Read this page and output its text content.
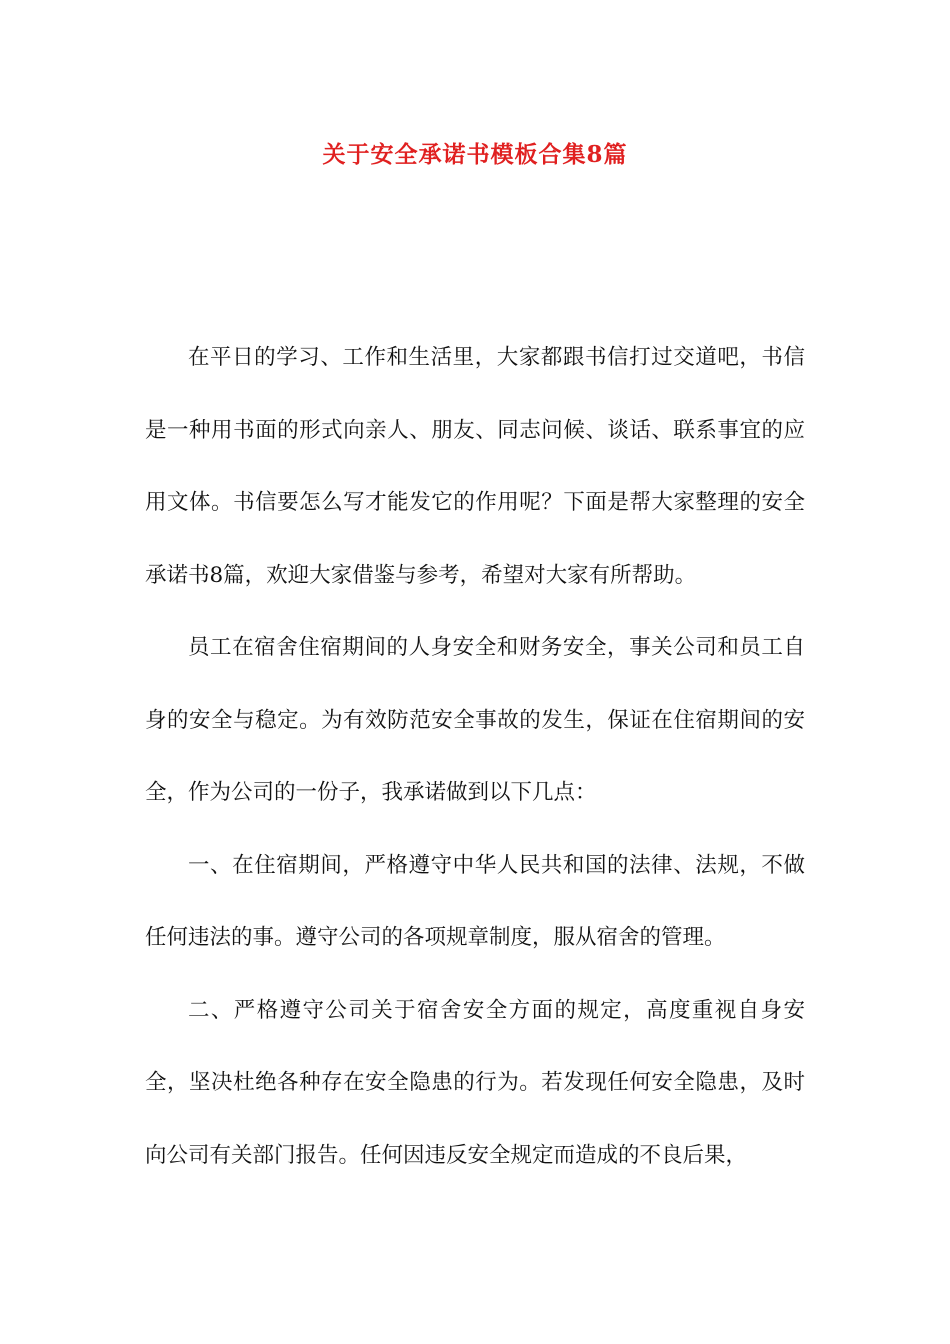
关于安全承诺书模板合集8篇

在平日的学习、工作和生活里，大家都跟书信打过交道吧，书信是一种用书面的形式向亲人、朋友、同志问候、谈话、联系事宜的应用文体。书信要怎么写才能发它的作用呢？下面是帮大家整理的安全承诺书8篇，欢迎大家借鉴与参考，希望对大家有所帮助。

员工在宿舍住宿期间的人身安全和财务安全，事关公司和员工自身的安全与稳定。为有效防范安全事故的发生，保证在住宿期间的安全，作为公司的一份子，我承诺做到以下几点：

一、在住宿期间，严格遵守中华人民共和国的法律、法规，不做任何违法的事。遵守公司的各项规章制度，服从宿舍的管理。

二、严格遵守公司关于宿舍安全方面的规定，高度重视自身安全，坚决杜绝各种存在安全隐患的行为。若发现任何安全隐患，及时向公司有关部门报告。任何因违反安全规定而造成的不良后果，
